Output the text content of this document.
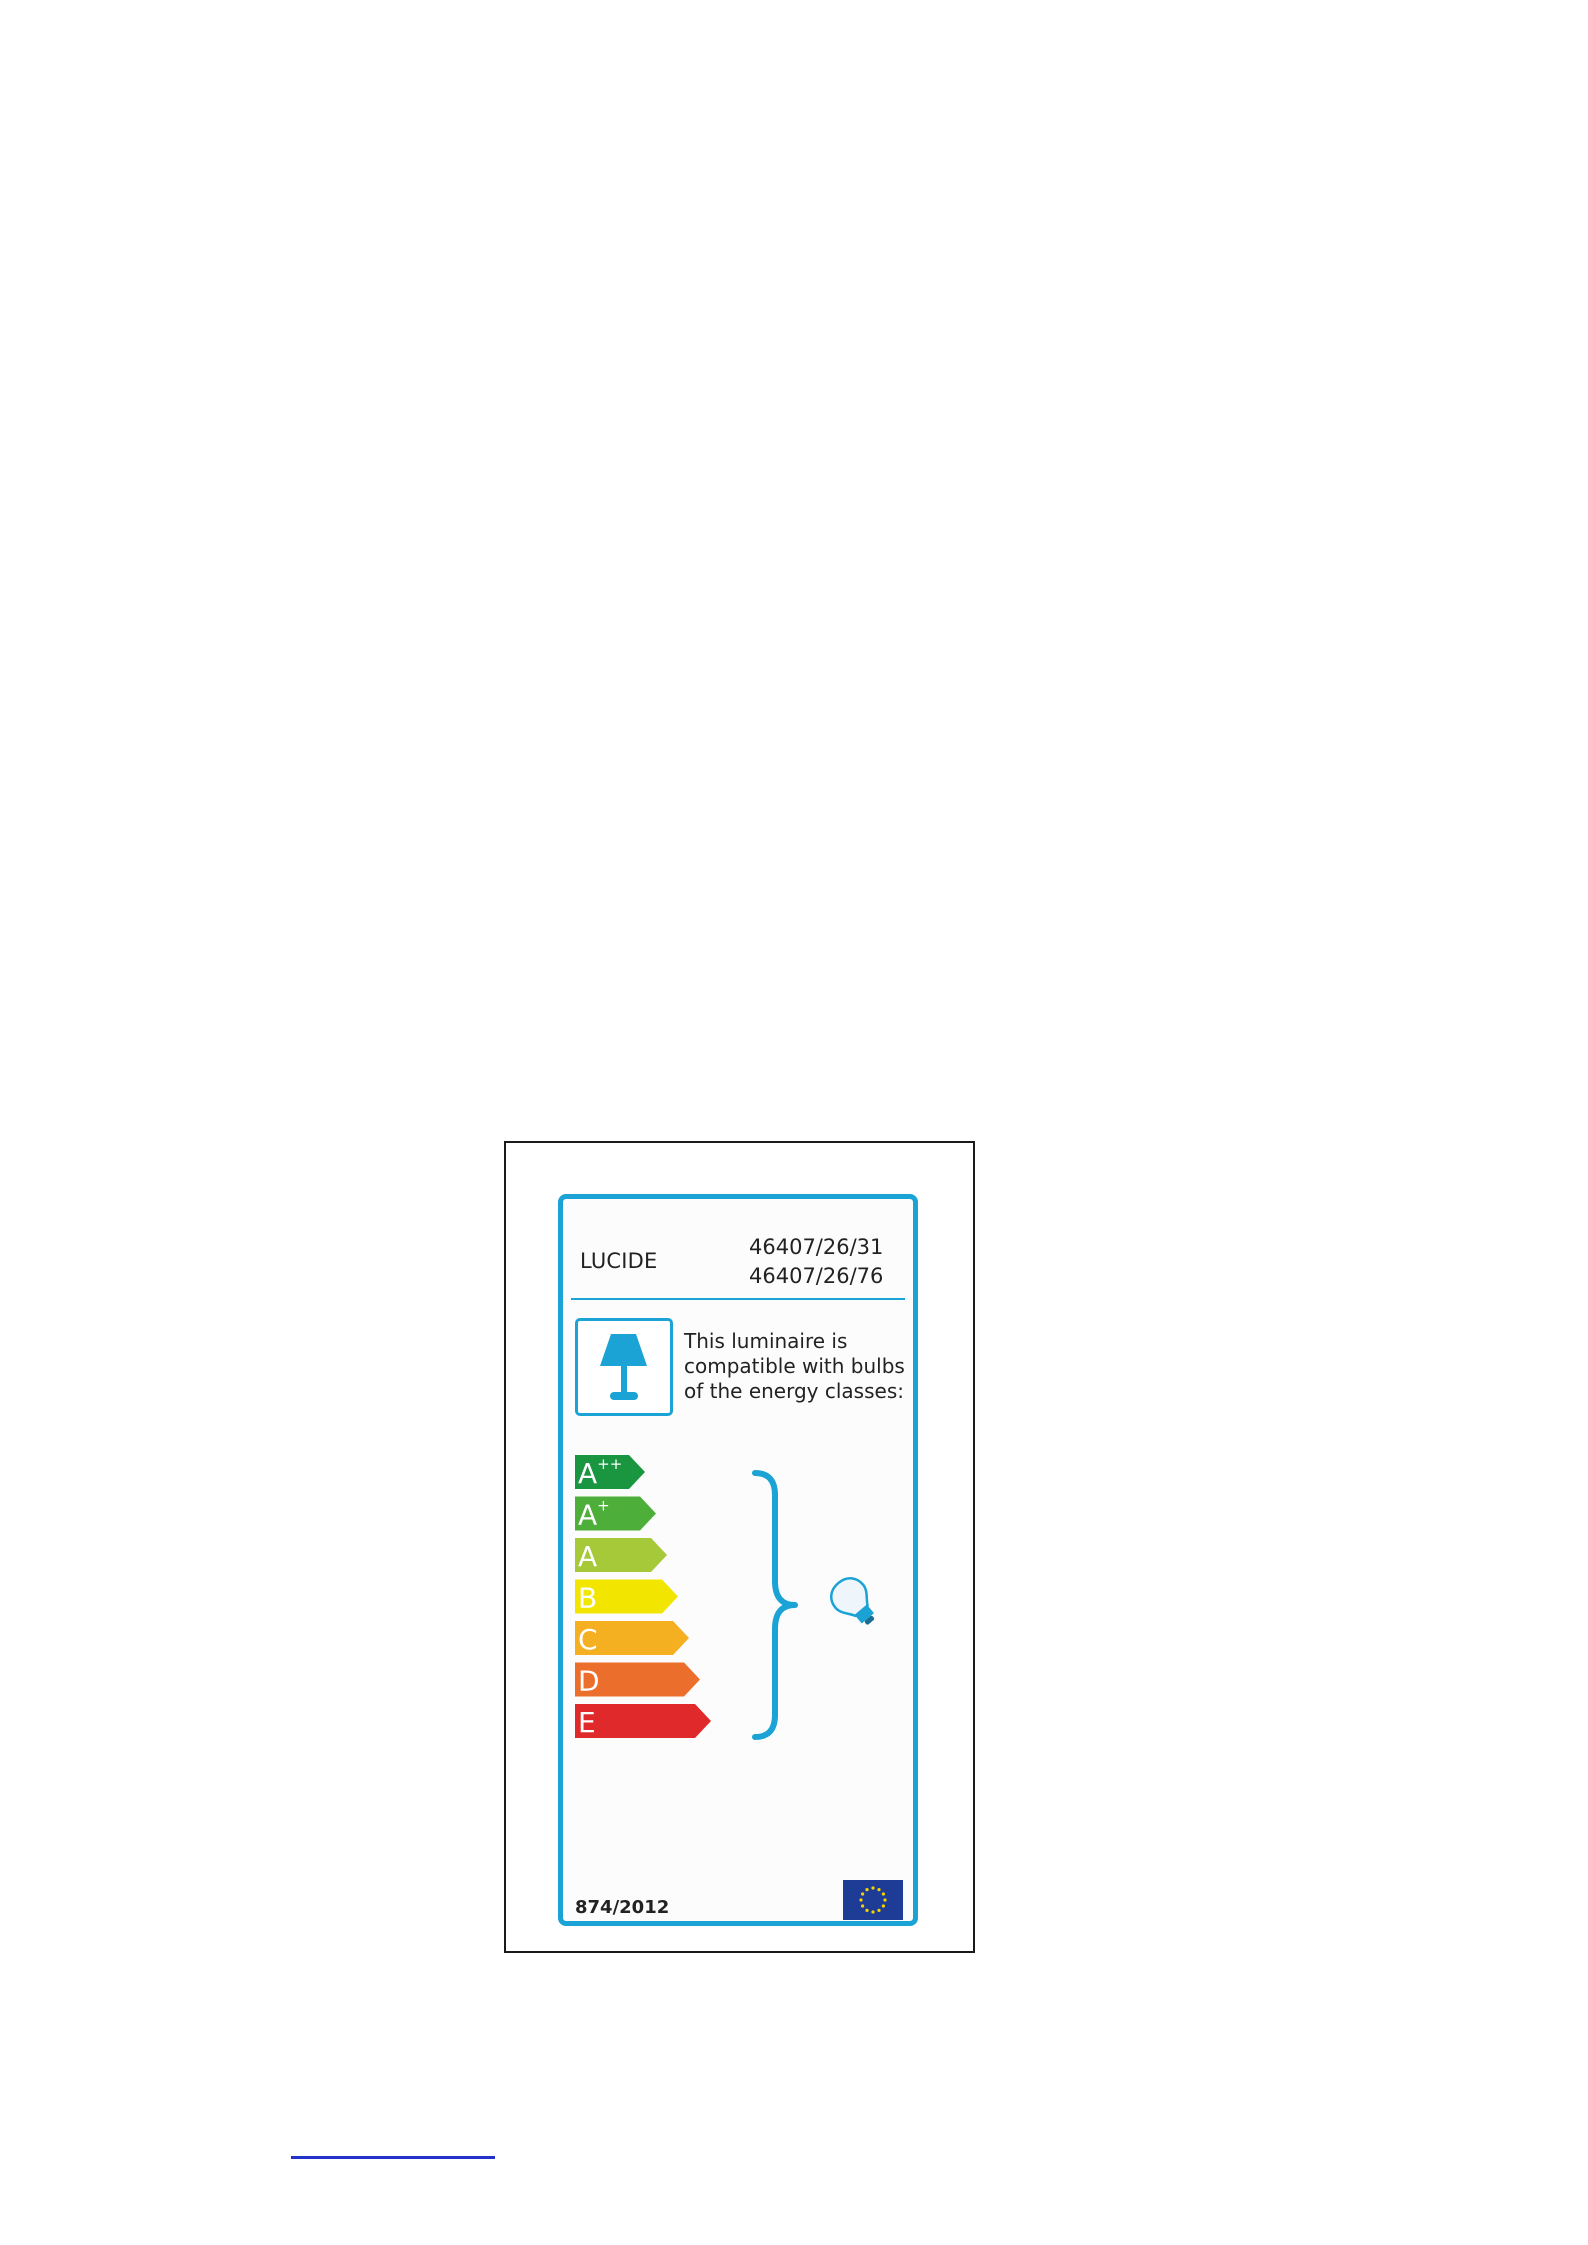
LUCIDE
46407/26/31
46407/26/76
This luminaire is
compatible with bulbs
of the energy classes:
A++
A+
A
B
C
D
E
874/2012
